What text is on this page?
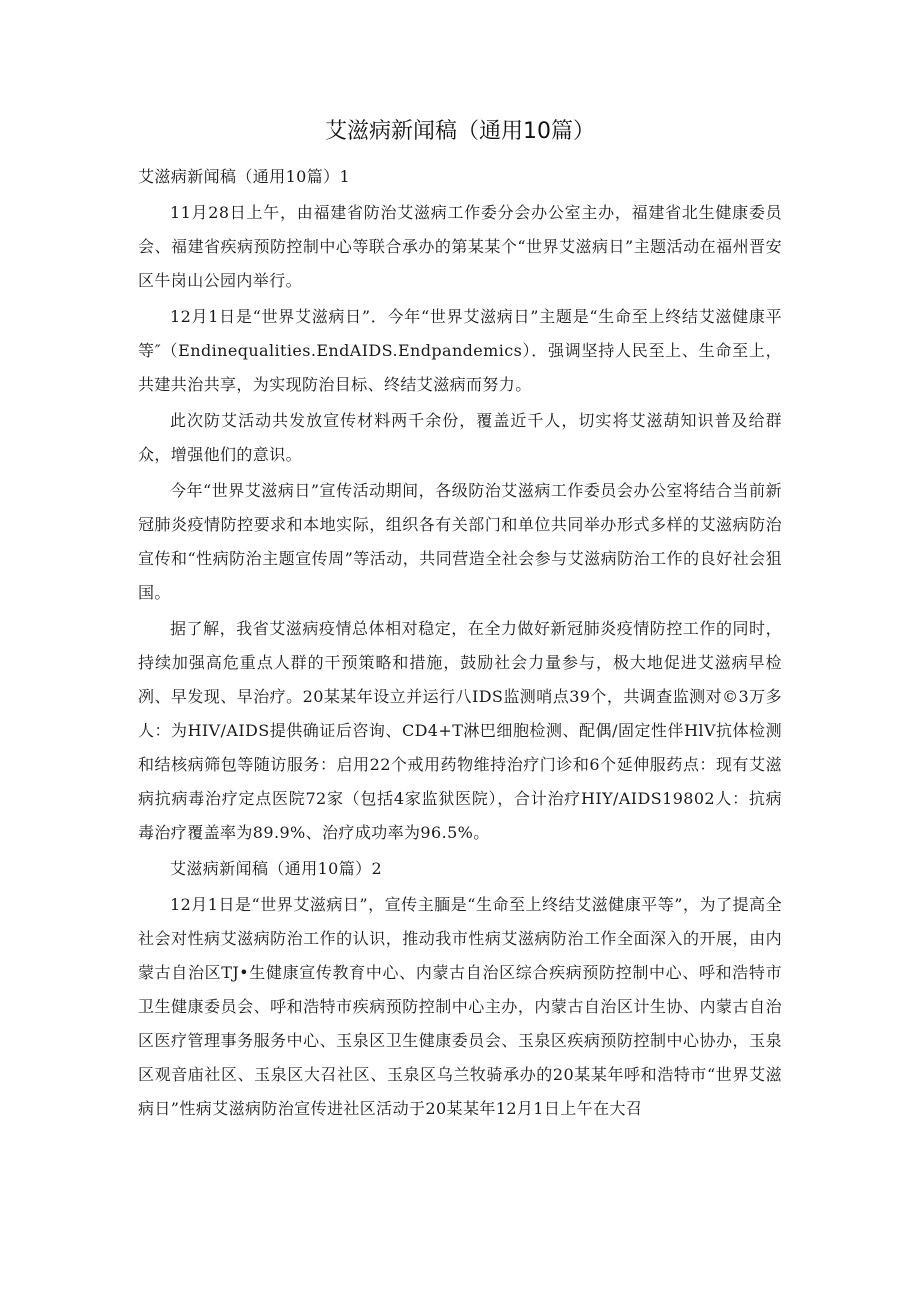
艾滋病新闻稿（通用10篇）

艾滋病新闻稿（通用10篇）1

11月28日上午，由福建省防治艾滋病工作委分会办公室主办，福建省北生健康委员会、福建省疾病预防控制中心等联合承办的第某某个“世界艾滋病日”主题活动在福州晋安区牛岗山公园内举行。

12月1日是“世界艾滋病日”．今年“世界艾滋病日”主题是“生命至上终结艾滋健康平等″（Endinequalities.EndAIDS.Endpandemics）．强调坚持人民至上、生命至上，共建共治共享，为实现防治目标、终结艾滋病而努力。

此次防艾活动共发放宣传材料两千余份，覆盖近千人，切实将艾滋葫知识普及给群众，增强他们的意识。

今年“世界艾滋病日”宣传活动期间，各级防治艾滋病工作委员会办公室将结合当前新冠肺炎疫情防控要求和本地实际，组织各有关部门和单位共同举办形式多样的艾滋病防治宣传和“性病防治主题宣传周”等活动，共同营造全社会参与艾滋病防治工作的良好社会狙国。

据了解，我省艾滋病疫情总体相对稳定，在全力做好新冠肺炎疫情防控工作的同时，持续加强高危重点人群的干预策略和措施，鼓励社会力量参与，极大地促进艾滋病早检冽、早发现、早治疗。20某某年设立并运行八IDS监测哨点39个，共调查监测对©3万多人：为HIV/AIDS提供确证后咨询、CD4+T淋巴细胞检测、配偶/固定性伴HlV抗体检测和结核病筛包等随访服务：启用22个戒用药物维持治疗门诊和6个延伸服药点：现有艾滋病抗病毒治疗定点医院72家（包括4家监狱医院），合计治疗HIY/AIDS19802人：抗病毒治疗覆盖率为89.9%、治疗成功率为96.5%。

艾滋病新闻稿（通用10篇）2

12月1日是“世界艾滋病日”，宣传主腼是“生命至上终结艾滋健康平等”，为了提高全社会对性病艾滋病防治工作的认识，推动我市性病艾滋病防治工作全面深入的开展，由内蒙古自治区TJ•生健康宣传教育中心、内蒙古自治区综合疾病预防控制中心、呼和浩特市卫生健康委员会、呼和浩特市疾病预防控制中心主办，内蒙古自治区计生协、内蒙古自治区医疗管理事务服务中心、玉泉区卫生健康委员会、玉泉区疾病预防控制中心协办，玉泉区观音庙社区、玉泉区大召社区、玉泉区乌兰牧骑承办的20某某年呼和浩特市“世界艾滋病日”性病艾滋病防治宣传进社区活动于20某某年12月1日上午在大召
